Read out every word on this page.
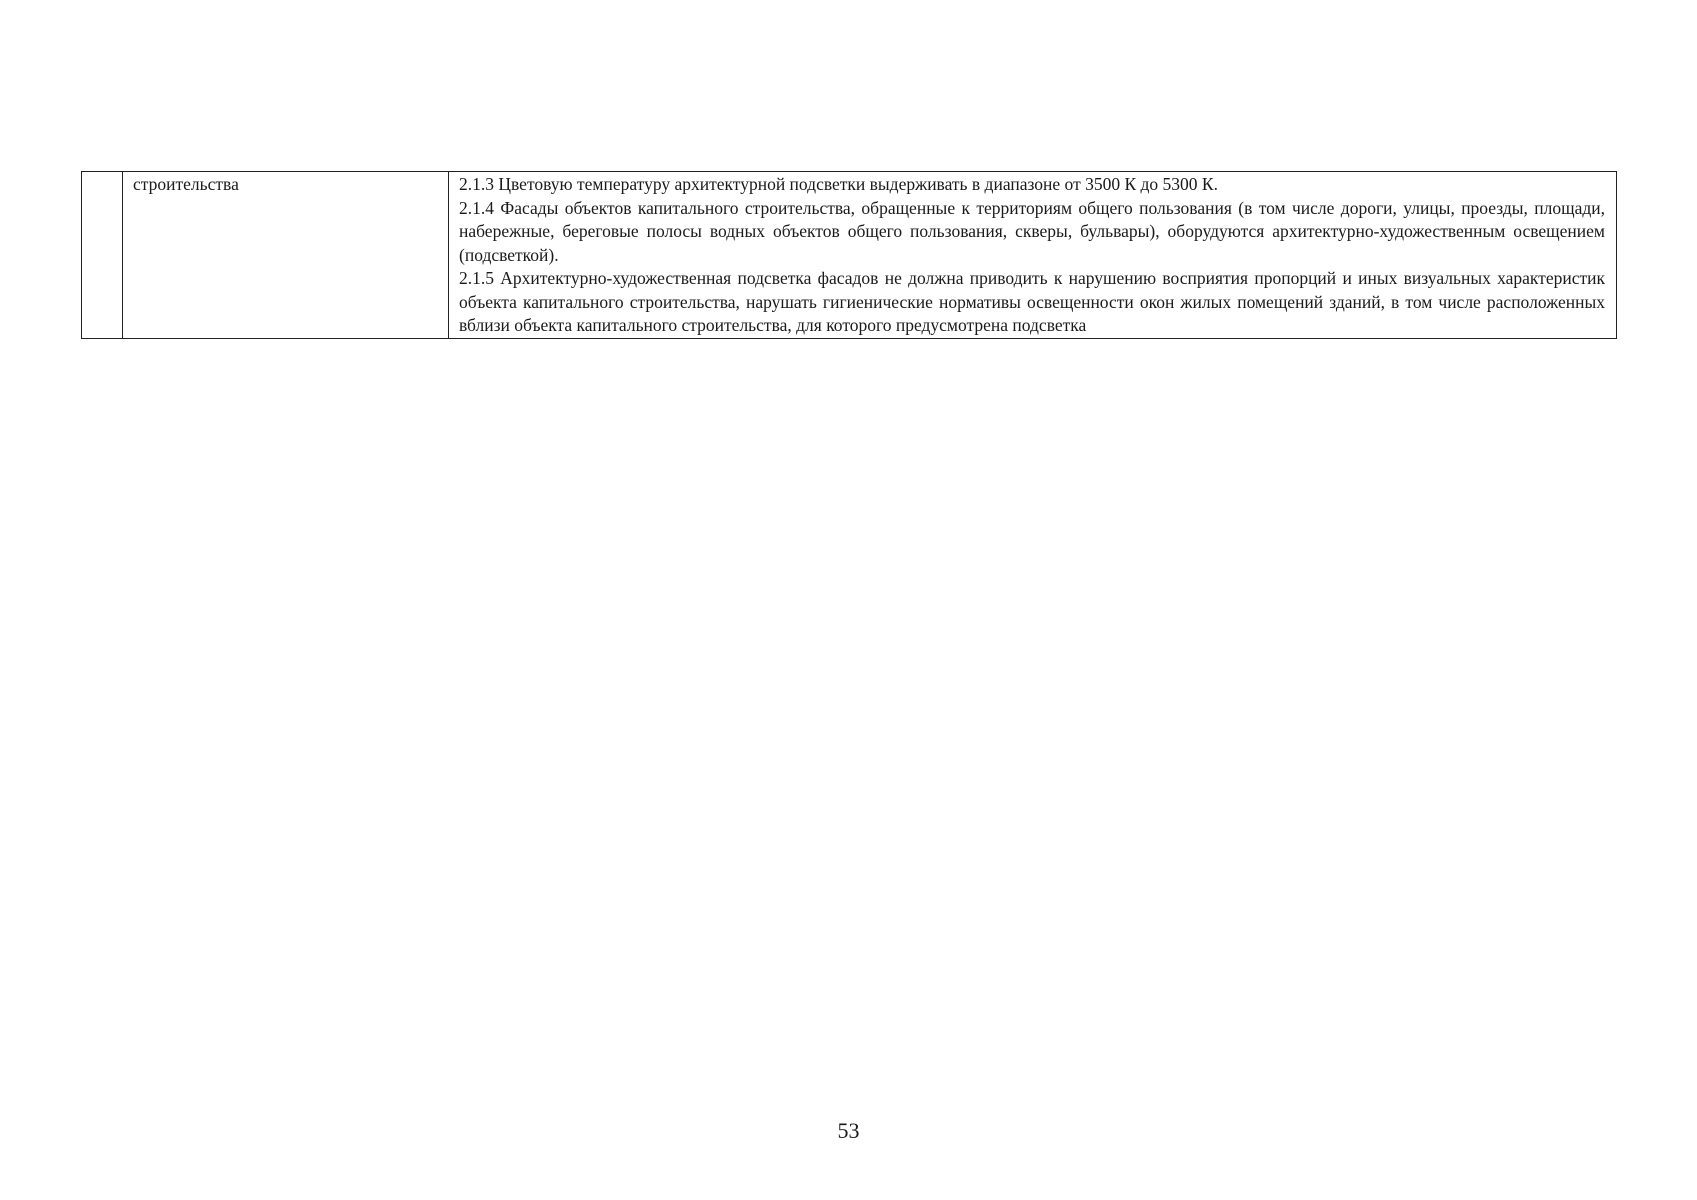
	строительства	2.1.3 Цветовую температуру архитектурной подсветки выдерживать в диапазоне от 3500 К до 5300 К.

2.1.4 Фасады объектов капитального строительства, обращенные к территориям общего пользования (в том числе дороги, улицы, проезды, площади, набережные, береговые полосы водных объектов общего пользования, скверы, бульвары), оборудуются архитектурно-художественным освещением (подсветкой).

2.1.5 Архитектурно-художественная подсветка фасадов не должна приводить к нарушению восприятия пропорций и иных визуальных характеристик объекта капитального строительства, нарушать гигиенические нормативы освещенности окон жилых помещений зданий, в том числе расположенных вблизи объекта капитального строительства, для которого предусмотрена подсветка

53
